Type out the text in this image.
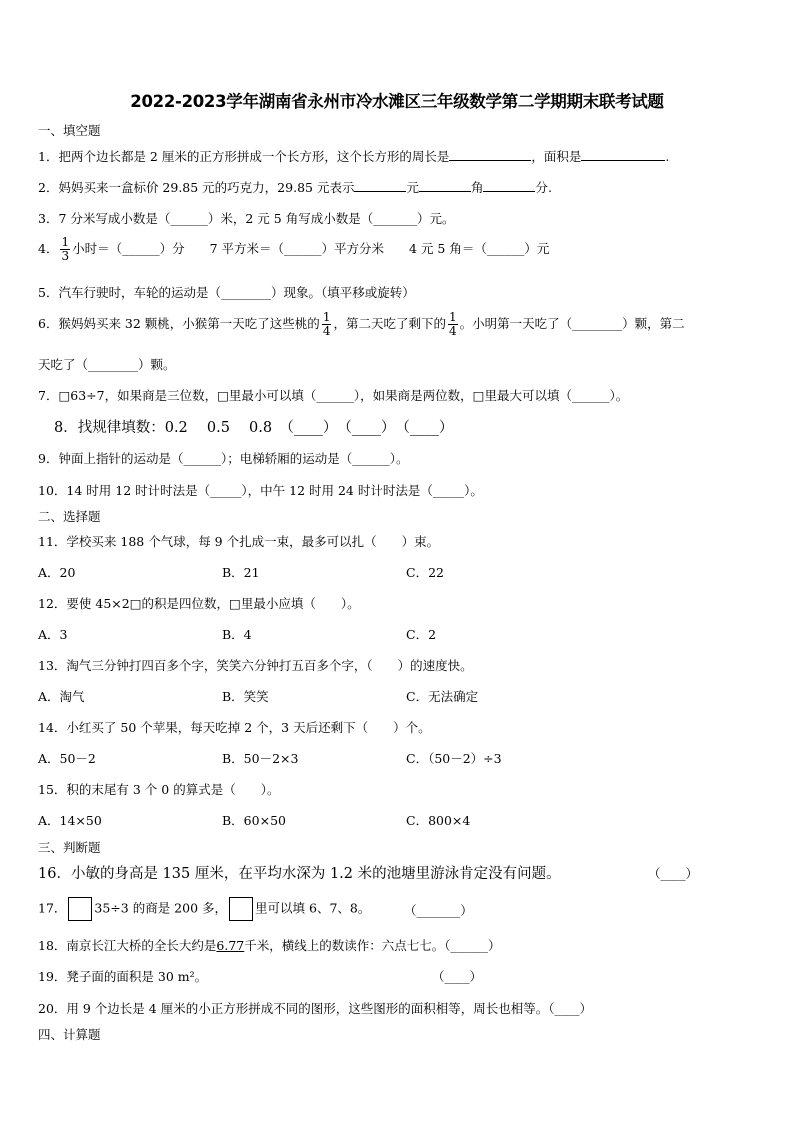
2022-2023学年湖南省永州市冷水滩区三年级数学第二学期期末联考试题
一、填空题
1．把两个边长都是 2 厘米的正方形拼成一个长方形，这个长方形的周长是	，面积是	.
2．妈妈买来一盒标价 29.85 元的巧克力，29.85 元表示	元	角	分.
3．7 分米写成小数是（______）米，2 元 5 角写成小数是（_______）元。
4． $\frac{1}{3}$ 小时＝（______）分　　7 平方米＝（______）平方分米　　4 元 5 角＝（______）元
5．汽车行驶时，车轮的运动是（________）现象。（填平移或旋转）
6．猴妈妈买来 32 颗桃，小猴第一天吃了这些桃的 $\frac{1}{4}$ ，第二天吃了剩下的 $\frac{1}{4}$ 。小明第一天吃了（________）颗，第二
天吃了（________）颗。
7．□63÷7，如果商是三位数，□里最小可以填（______），如果商是两位数，□里最大可以填（______）。
8．找规律填数：0.2　 0.5　 0.8　（____）　（____）　（____）
9．钟面上指针的运动是（______）；电梯轿厢的运动是（______）。
10．14 时用 12 时计时法是（_____），中午 12 时用 24 时计时法是（_____）。
二、选择题
11．学校买来 188 个气球，每 9 个扎成一束，最多可以扎（　　）束。
A．20	B．21	C．22
12．要使 45×2□的积是四位数，□里最小应填（　　）。
A．3	B．4	C．2
13．淘气三分钟打四百多个字，笑笑六分钟打五百多个字，（　　）的速度快。
A．淘气	B．笑笑	C．无法确定
14．小红买了 50 个苹果，每天吃掉 2 个，3 天后还剩下（　　）个。
A．50－2	B．50－2×3	C．（50－2）÷3
15．积的末尾有 3 个 0 的算式是（　　）。
A．14×50	B．60×50	C．800×4
三、判断题
16．小敏的身高是 135 厘米，在平均水深为 1.2 米的池塘里游泳肯定没有问题。	（____）
17． 35÷3 的商是 200 多， 里可以填 6、7、8。	（_______）
18．南京长江大桥的全长大约是6.77千米，横线上的数读作：六点七七。（______）
19．凳子面的面积是 30 m²。	（____）
20．用 9 个边长是 4 厘米的小正方形拼成不同的图形，这些图形的面积相等，周长也相等。（____）
四、计算题
